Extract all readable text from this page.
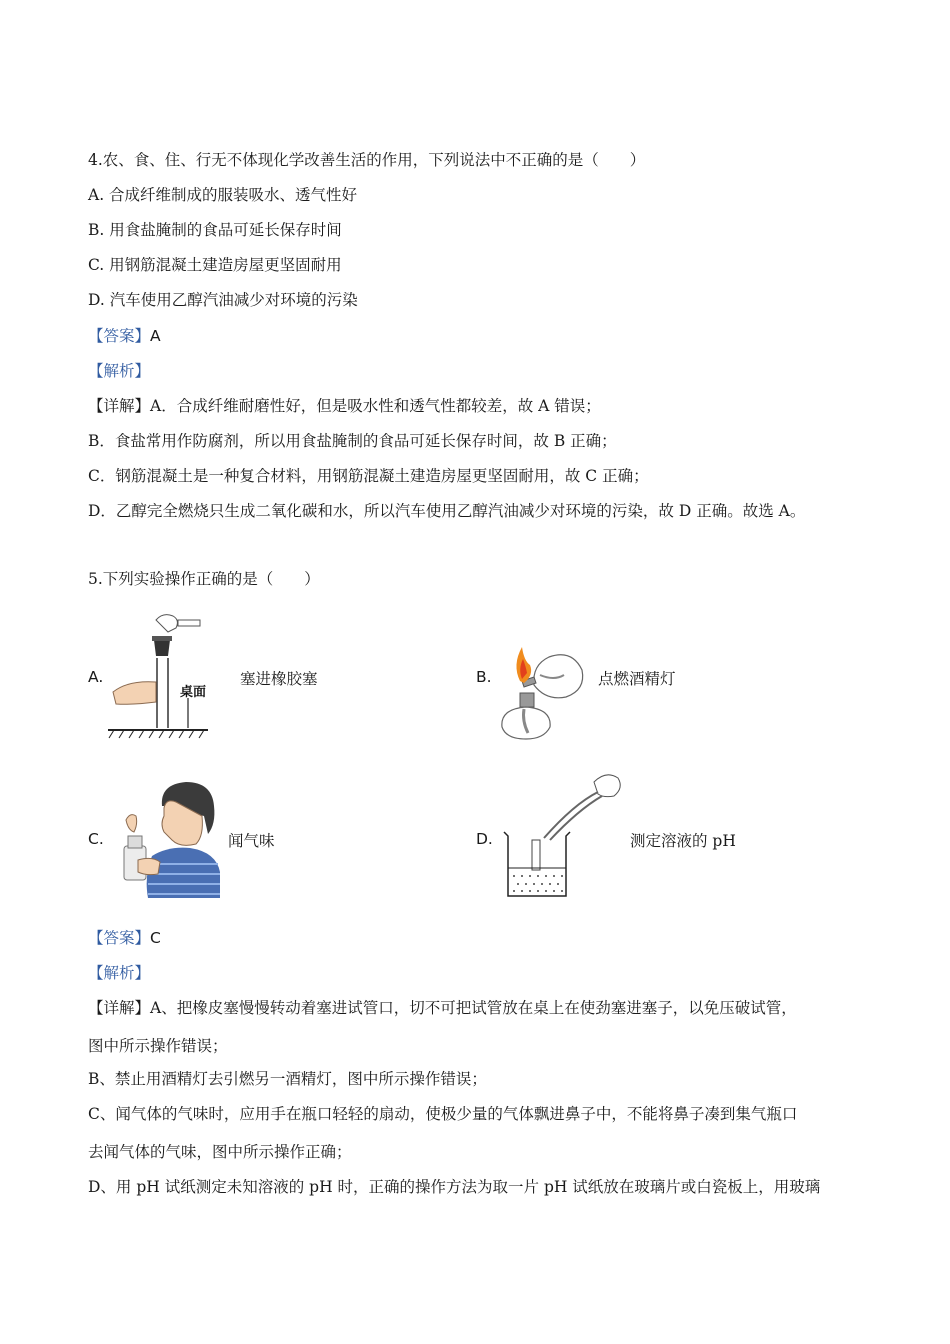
4.农、食、住、行无不体现化学改善生活的作用，下列说法中不正确的是（　　）
A. 合成纤维制成的服装吸水、透气性好
B. 用食盐腌制的食品可延长保存时间
C. 用钢筋混凝土建造房屋更坚固耐用
D. 汽车使用乙醇汽油减少对环境的污染
【答案】A
【解析】
【详解】A．合成纤维耐磨性好，但是吸水性和透气性都较差，故 A 错误；
B．食盐常用作防腐剂，所以用食盐腌制的食品可延长保存时间，故 B 正确；
C．钢筋混凝土是一种复合材料，用钢筋混凝土建造房屋更坚固耐用，故 C 正确；
D．乙醇完全燃烧只生成二氧化碳和水，所以汽车使用乙醇汽油减少对环境的污染，故 D 正确。故选 A。
5.下列实验操作正确的是（　　）
A.
桌面
塞进橡胶塞	B.	点燃酒精灯
C.	闻气味	D.	测定溶液的 pH
【答案】C
【解析】
【详解】A、把橡皮塞慢慢转动着塞进试管口，切不可把试管放在桌上在使劲塞进塞子，以免压破试管，
图中所示操作错误；
B、禁止用酒精灯去引燃另一酒精灯，图中所示操作错误；
C、闻气体的气味时，应用手在瓶口轻轻的扇动，使极少量的气体飘进鼻子中，不能将鼻子凑到集气瓶口
去闻气体的气味，图中所示操作正确；
D、用 pH 试纸测定未知溶液的 pH 时，正确的操作方法为取一片 pH 试纸放在玻璃片或白瓷板上，用玻璃
